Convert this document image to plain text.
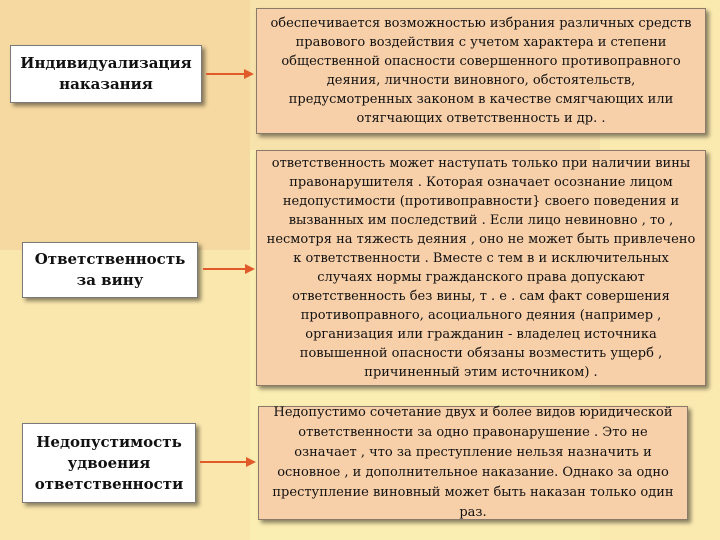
Индивидуализация наказания
обеспечивается возможностью избрания различных средств правового воздействия с учетом характера и степени общественной опасности совершенного противоправного деяния, личности виновного, обстоятельств, предусмотренных законом в качестве смягчающих или отягчающих ответственность и др. .
Ответственность за вину
ответственность может наступать только при наличии вины правонарушителя . Которая означает осознание лицом недопустимости (противоправности} своего поведения и вызванных им последствий . Если лицо невиновно , то , несмотря на тяжесть деяния , оно не может быть привлечено к ответственности . Вместе с тем в и исключительных случаях нормы гражданского права допускают ответственность без вины, т . е . сам факт совершения противоправного, асоциального деяния (например , организация или гражданин - владелец источника повышенной опасности обязаны возместить ущерб , причиненный этим источником) .
Недопустимость удвоения ответственности
Недопустимо сочетание двух и более видов юридической ответственности за одно правонарушение . Это не означает , что за преступление нельзя назначить и основное , и дополнительное наказание. Однако за одно преступление виновный может быть наказан только один раз.
